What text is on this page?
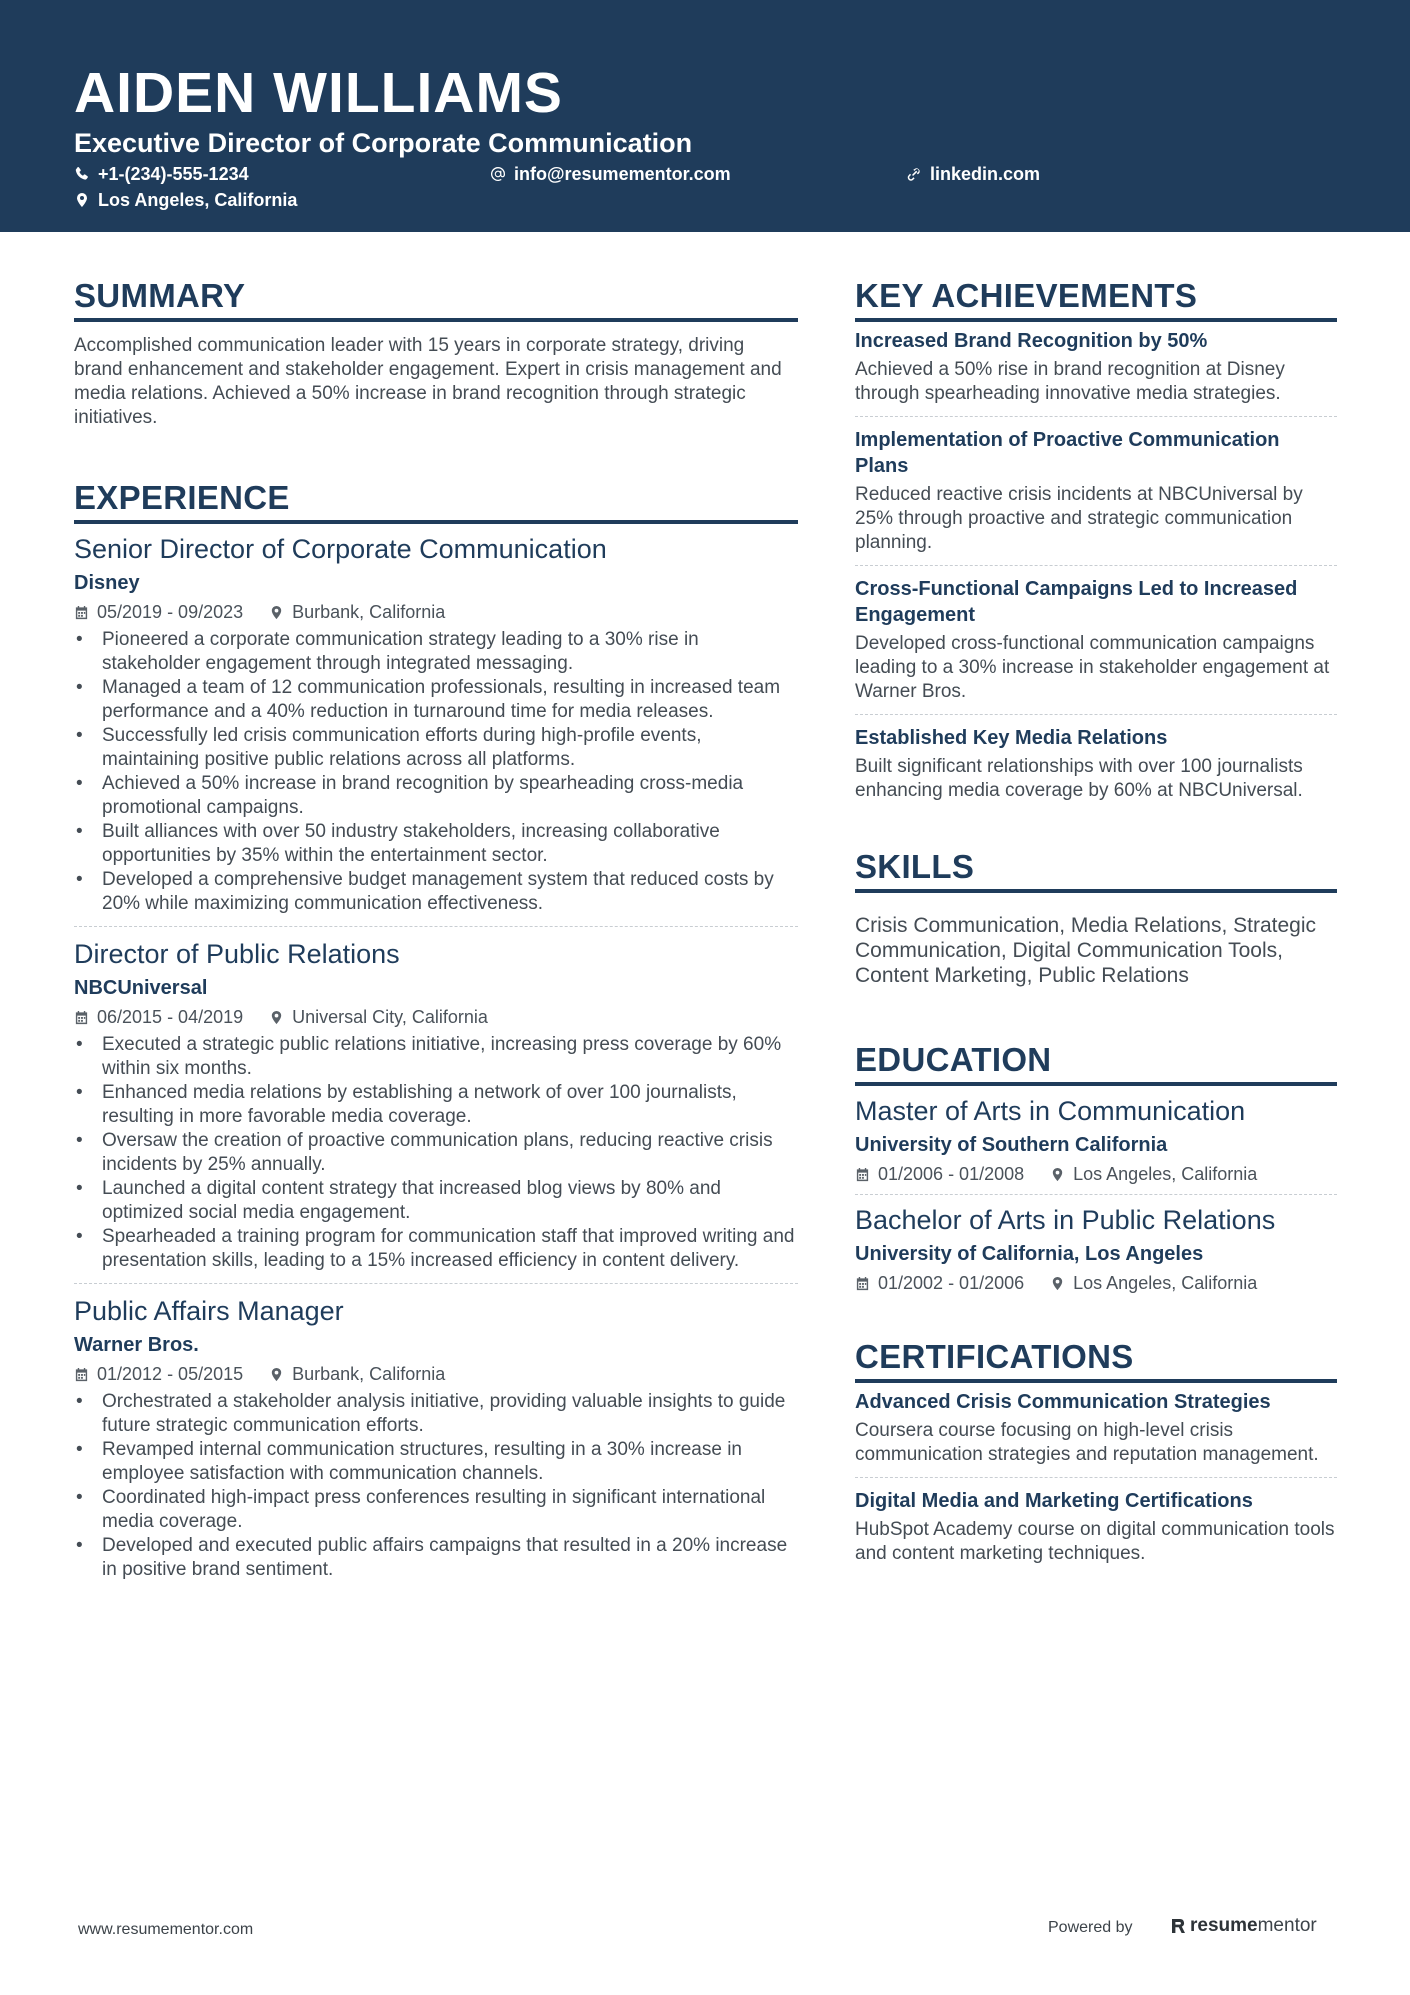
AIDEN WILLIAMS
Executive Director of Corporate Communication
+1-(234)-555-1234	info@resumementor.com	linkedin.com
Los Angeles, California
SUMMARY
Accomplished communication leader with 15 years in corporate strategy, driving brand enhancement and stakeholder engagement. Expert in crisis management and media relations. Achieved a 50% increase in brand recognition through strategic initiatives.
EXPERIENCE
Senior Director of Corporate Communication
Disney
05/2019 - 09/2023	Burbank, California
• Pioneered a corporate communication strategy leading to a 30% rise in stakeholder engagement through integrated messaging.
• Managed a team of 12 communication professionals, resulting in increased team performance and a 40% reduction in turnaround time for media releases.
• Successfully led crisis communication efforts during high-profile events, maintaining positive public relations across all platforms.
• Achieved a 50% increase in brand recognition by spearheading cross-media promotional campaigns.
• Built alliances with over 50 industry stakeholders, increasing collaborative opportunities by 35% within the entertainment sector.
• Developed a comprehensive budget management system that reduced costs by 20% while maximizing communication effectiveness.
Director of Public Relations
NBCUniversal
06/2015 - 04/2019	Universal City, California
• Executed a strategic public relations initiative, increasing press coverage by 60% within six months.
• Enhanced media relations by establishing a network of over 100 journalists, resulting in more favorable media coverage.
• Oversaw the creation of proactive communication plans, reducing reactive crisis incidents by 25% annually.
• Launched a digital content strategy that increased blog views by 80% and optimized social media engagement.
• Spearheaded a training program for communication staff that improved writing and presentation skills, leading to a 15% increased efficiency in content delivery.
Public Affairs Manager
Warner Bros.
01/2012 - 05/2015	Burbank, California
• Orchestrated a stakeholder analysis initiative, providing valuable insights to guide future strategic communication efforts.
• Revamped internal communication structures, resulting in a 30% increase in employee satisfaction with communication channels.
• Coordinated high-impact press conferences resulting in significant international media coverage.
• Developed and executed public affairs campaigns that resulted in a 20% increase in positive brand sentiment.
KEY ACHIEVEMENTS
Increased Brand Recognition by 50%
Achieved a 50% rise in brand recognition at Disney through spearheading innovative media strategies.
Implementation of Proactive Communication Plans
Reduced reactive crisis incidents at NBCUniversal by 25% through proactive and strategic communication planning.
Cross-Functional Campaigns Led to Increased Engagement
Developed cross-functional communication campaigns leading to a 30% increase in stakeholder engagement at Warner Bros.
Established Key Media Relations
Built significant relationships with over 100 journalists enhancing media coverage by 60% at NBCUniversal.
SKILLS
Crisis Communication, Media Relations, Strategic Communication, Digital Communication Tools, Content Marketing, Public Relations
EDUCATION
Master of Arts in Communication
University of Southern California
01/2006 - 01/2008	Los Angeles, California
Bachelor of Arts in Public Relations
University of California, Los Angeles
01/2002 - 01/2006	Los Angeles, California
CERTIFICATIONS
Advanced Crisis Communication Strategies
Coursera course focusing on high-level crisis communication strategies and reputation management.
Digital Media and Marketing Certifications
HubSpot Academy course on digital communication tools and content marketing techniques.
www.resumementor.com	Powered by	resumementor
